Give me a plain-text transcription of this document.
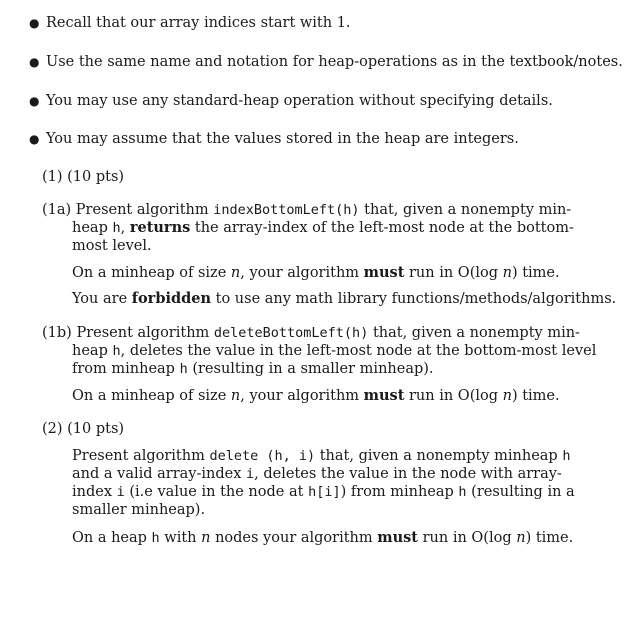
● Recall that our array indices start with 1.
● Use the same name and notation for heap-operations as in the textbook/notes.
● You may use any standard-heap operation without specifying details.
● You may assume that the values stored in the heap are integers.
(1) (10 pts)
(1a) Present algorithm indexBottomLeft(h) that, given a nonempty min-
heap h, returns the array-index of the left-most node at the bottom-
most level.
On a minheap of size n, your algorithm must run in O(log n) time.
You are forbidden to use any math library functions/methods/algorithms.
(1b) Present algorithm deleteBottomLeft(h) that, given a nonempty min-
heap h, deletes the value in the left-most node at the bottom-most level
from minheap h (resulting in a smaller minheap).
On a minheap of size n, your algorithm must run in O(log n) time.
(2) (10 pts)
Present algorithm delete (h, i) that, given a nonempty minheap h
and a valid array-index i, deletes the value in the node with array-
index i (i.e value in the node at h[i]) from minheap h (resulting in a
smaller minheap).
On a heap h with n nodes your algorithm must run in O(log n) time.
